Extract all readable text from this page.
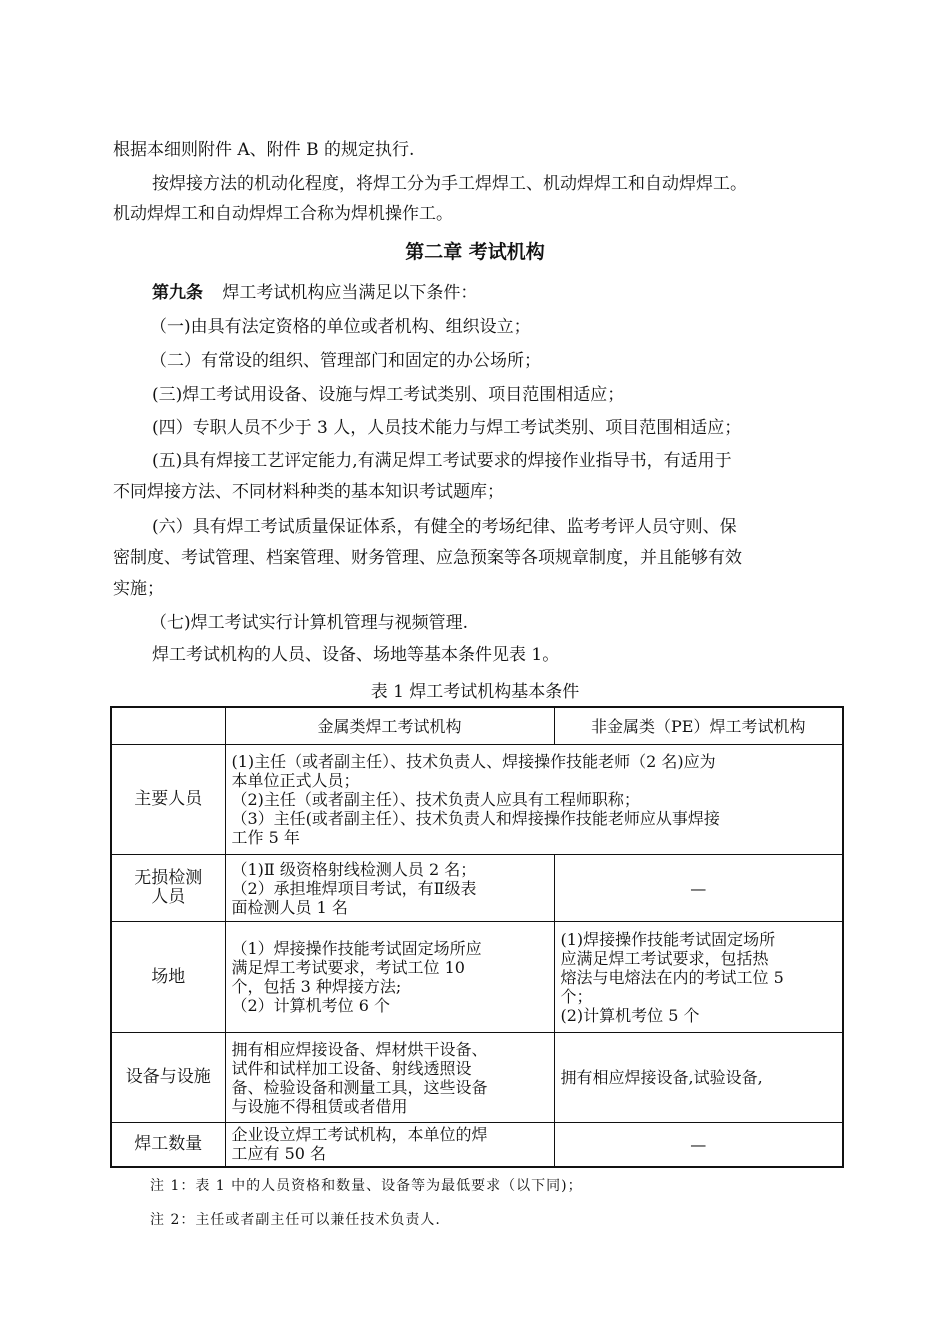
根据本细则附件 A、附件 B 的规定执行.
按焊接方法的机动化程度，将焊工分为手工焊焊工、机动焊焊工和自动焊焊工。
机动焊焊工和自动焊焊工合称为焊机操作工。
第二章 考试机构
第九条 焊工考试机构应当满足以下条件：
（一)由具有法定资格的单位或者机构、组织设立；
（二）有常设的组织、管理部门和固定的办公场所；
(三)焊工考试用设备、设施与焊工考试类别、项目范围相适应；
(四）专职人员不少于 3 人，人员技术能力与焊工考试类别、项目范围相适应；
(五)具有焊接工艺评定能力,有满足焊工考试要求的焊接作业指导书，有适用于
不同焊接方法、不同材料种类的基本知识考试题库；
(六）具有焊工考试质量保证体系，有健全的考场纪律、监考考评人员守则、保
密制度、考试管理、档案管理、财务管理、应急预案等各项规章制度，并且能够有效
实施；
（七)焊工考试实行计算机管理与视频管理.
焊工考试机构的人员、设备、场地等基本条件见表 1。
表 1 焊工考试机构基本条件
	金属类焊工考试机构	非金属类（PE）焊工考试机构
主要人员	(1)主任（或者副主任）、技术负责人、焊接操作技能老师（2 名)应为
本单位正式人员；
（2)主任（或者副主任）、技术负责人应具有工程师职称；
（3）主任(或者副主任）、技术负责人和焊接操作技能老师应从事焊接
工作 5 年	

无损检测
人员	（1)Ⅱ 级资格射线检测人员 2 名；
（2）承担堆焊项目考试，有Ⅱ级表
面检测人员 1 名	—
场地	（1）焊接操作技能考试固定场所应
满足焊工考试要求，考试工位 10
个，包括 3 种焊接方法;
（2）计算机考位 6 个	(1)焊接操作技能考试固定场所
应满足焊工考试要求，包括热
熔法与电熔法在内的考试工位 5
个；
(2)计算机考位 5 个

设备与设施	拥有相应焊接设备、焊材烘干设备、
试件和试样加工设备、射线透照设
备、检验设备和测量工具，这些设备
与设施不得租赁或者借用	拥有相应焊接设备,试验设备,
焊工数量	企业设立焊工考试机构，本单位的焊
工应有 50 名	—
注 1：表 1 中的人员资格和数量、设备等为最低要求（以下同)；
注 2：主任或者副主任可以兼任技术负责人.
